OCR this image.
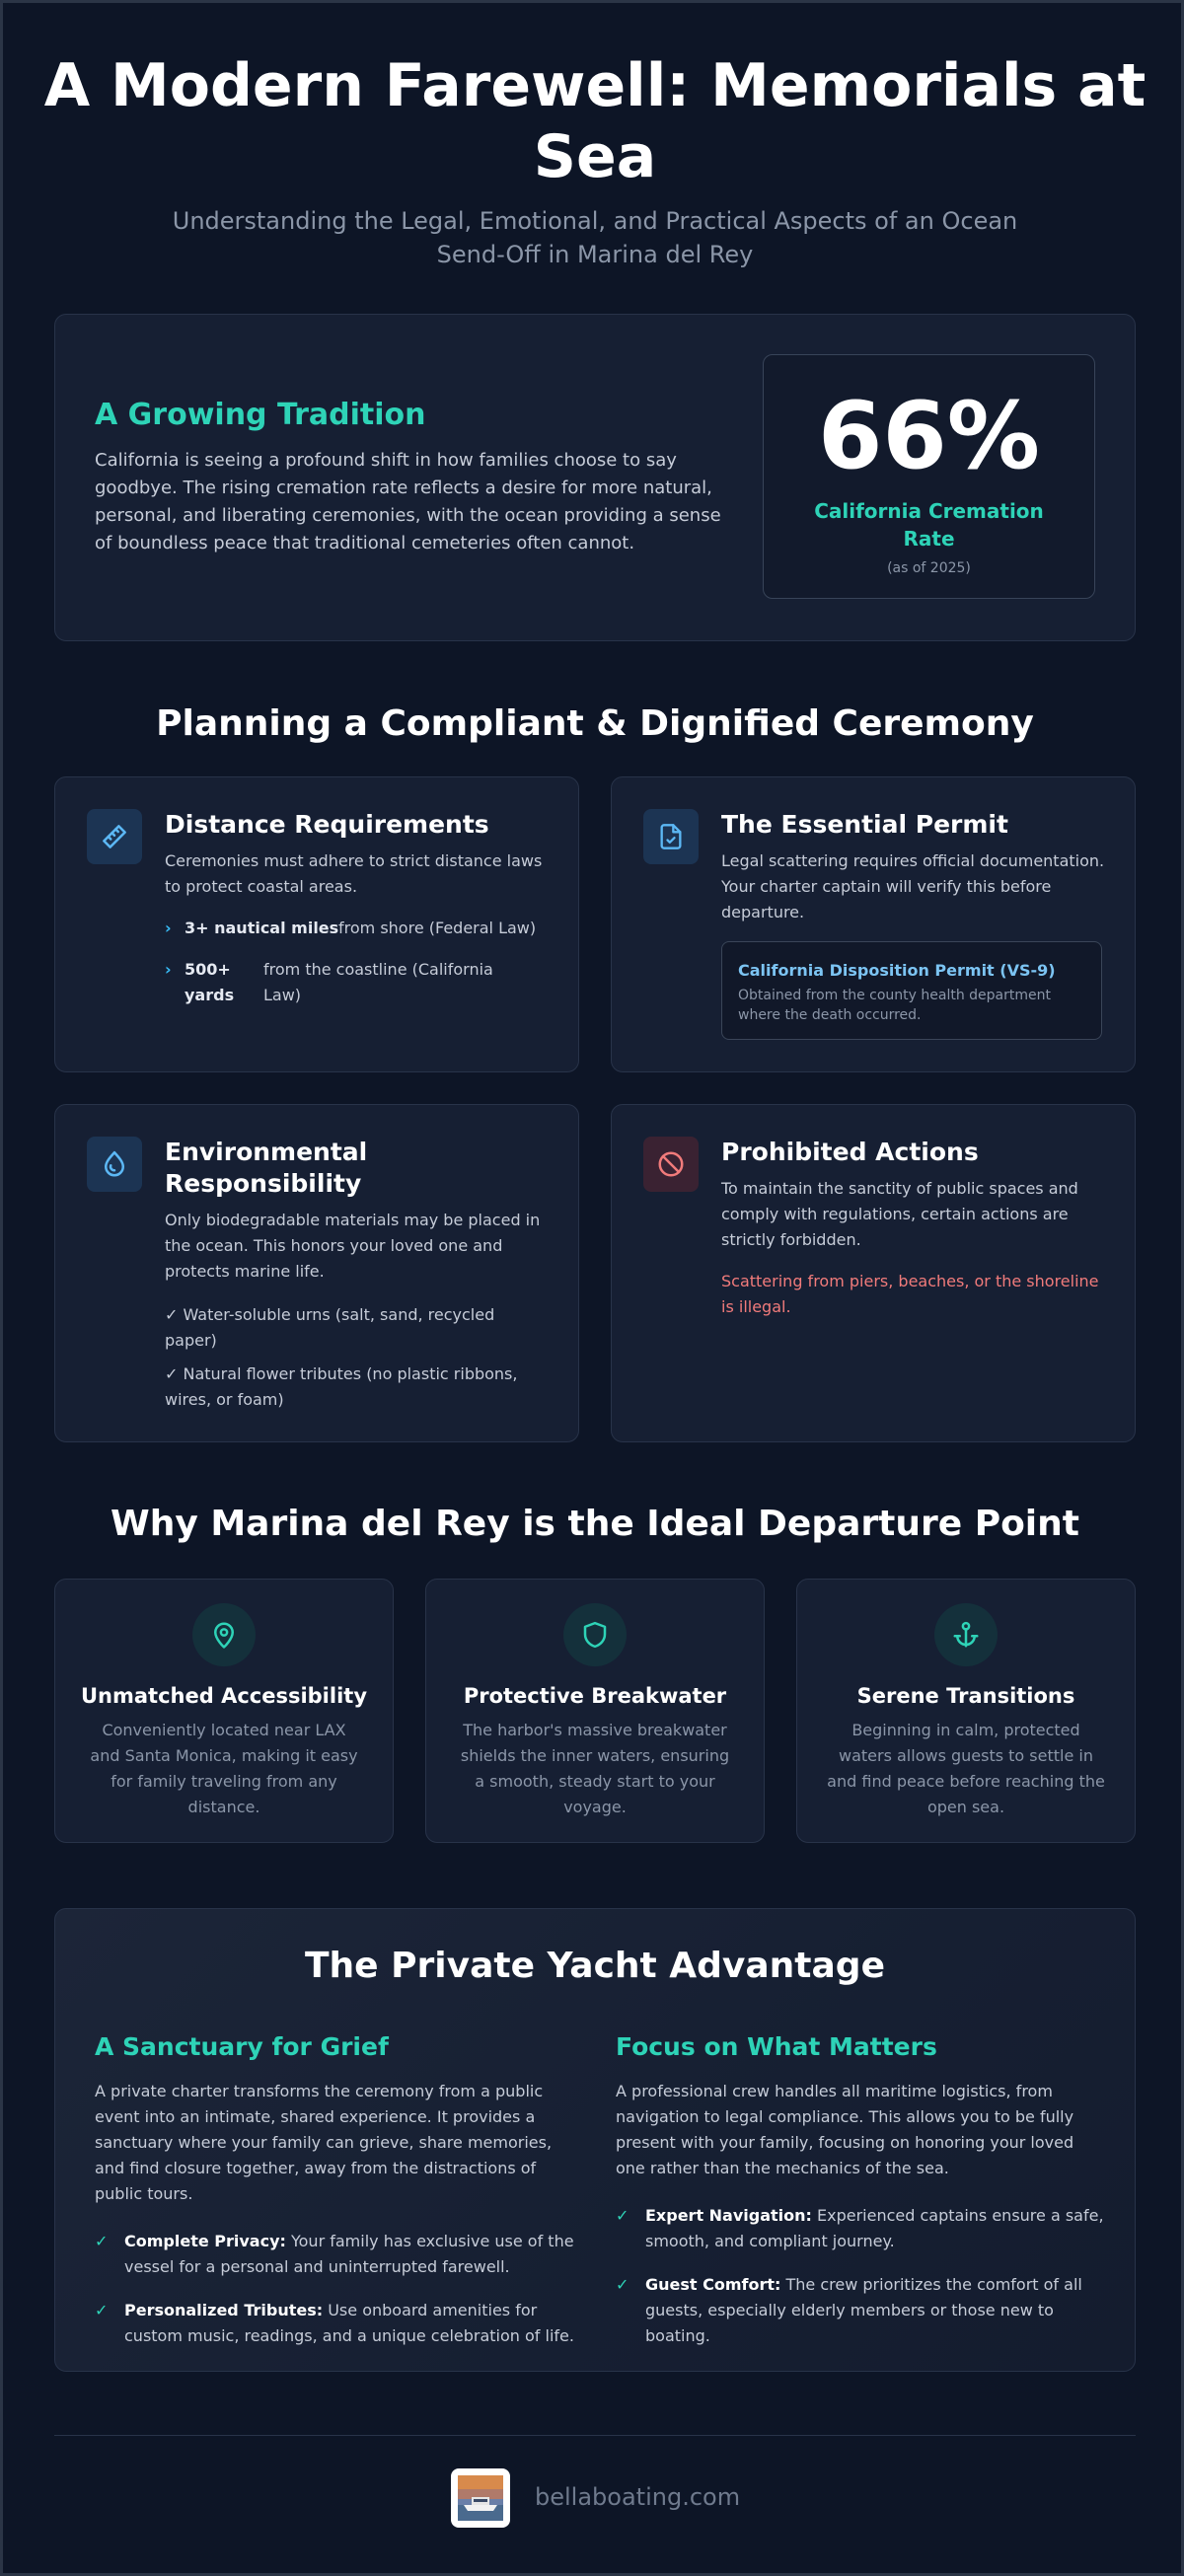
A Modern Farewell: Memorials at Sea

Understanding the Legal, Emotional, and Practical Aspects of an Ocean Send-Off in Marina del Rey

A Growing Tradition

California is seeing a profound shift in how families choose to say goodbye. The rising cremation rate reflects a desire for more natural, personal, and liberating ceremonies, with the ocean providing a sense of boundless peace that traditional cemeteries often cannot.

66%
California Cremation Rate
(as of 2025)
Planning a Compliant & Dignified Ceremony
Distance Requirements
Ceremonies must adhere to strict distance laws to protect coastal areas.
› 3+ nautical miles from shore (Federal Law)
› 500+ yards
from the coastline (California Law)
The Essential Permit
Legal scattering requires official documentation. Your charter captain will verify this before departure.
California Disposition Permit (VS-9)
Obtained from the county health department where the death occurred.
Environmental Responsibility
Only biodegradable materials may be placed in the ocean. This honors your loved one and protects marine life.
✓ Water-soluble urns (salt, sand, recycled paper)
✓ Natural flower tributes (no plastic ribbons, wires, or foam)
Prohibited Actions
To maintain the sanctity of public spaces and comply with regulations, certain actions are strictly forbidden.
Scattering from piers, beaches, or the shoreline is illegal.
Why Marina del Rey is the Ideal Departure Point
Unmatched Accessibility
Conveniently located near LAX and Santa Monica, making it easy for family traveling from any distance.
Protective Breakwater
The harbor's massive breakwater shields the inner waters, ensuring a smooth, steady start to your voyage.
Serene Transitions
Beginning in calm, protected waters allows guests to settle in and find peace before reaching the open sea.
The Private Yacht Advantage
A Sanctuary for Grief

A private charter transforms the ceremony from a public event into an intimate, shared experience. It provides a sanctuary where your family can grieve, share memories, and find closure together, away from the distractions of public tours.

✓ Complete Privacy: Your family has exclusive use of the vessel for a personal and uninterrupted farewell.
✓ Personalized Tributes: Use onboard amenities for custom music, readings, and a unique celebration of life.
Focus on What Matters

A professional crew handles all maritime logistics, from navigation to legal compliance. This allows you to be fully present with your family, focusing on honoring your loved one rather than the mechanics of the sea.

✓ Expert Navigation: Experienced captains ensure a safe, smooth, and compliant journey.
✓ Guest Comfort: The crew prioritizes the comfort of all guests, especially elderly members or those new to boating.
bellaboating.com
